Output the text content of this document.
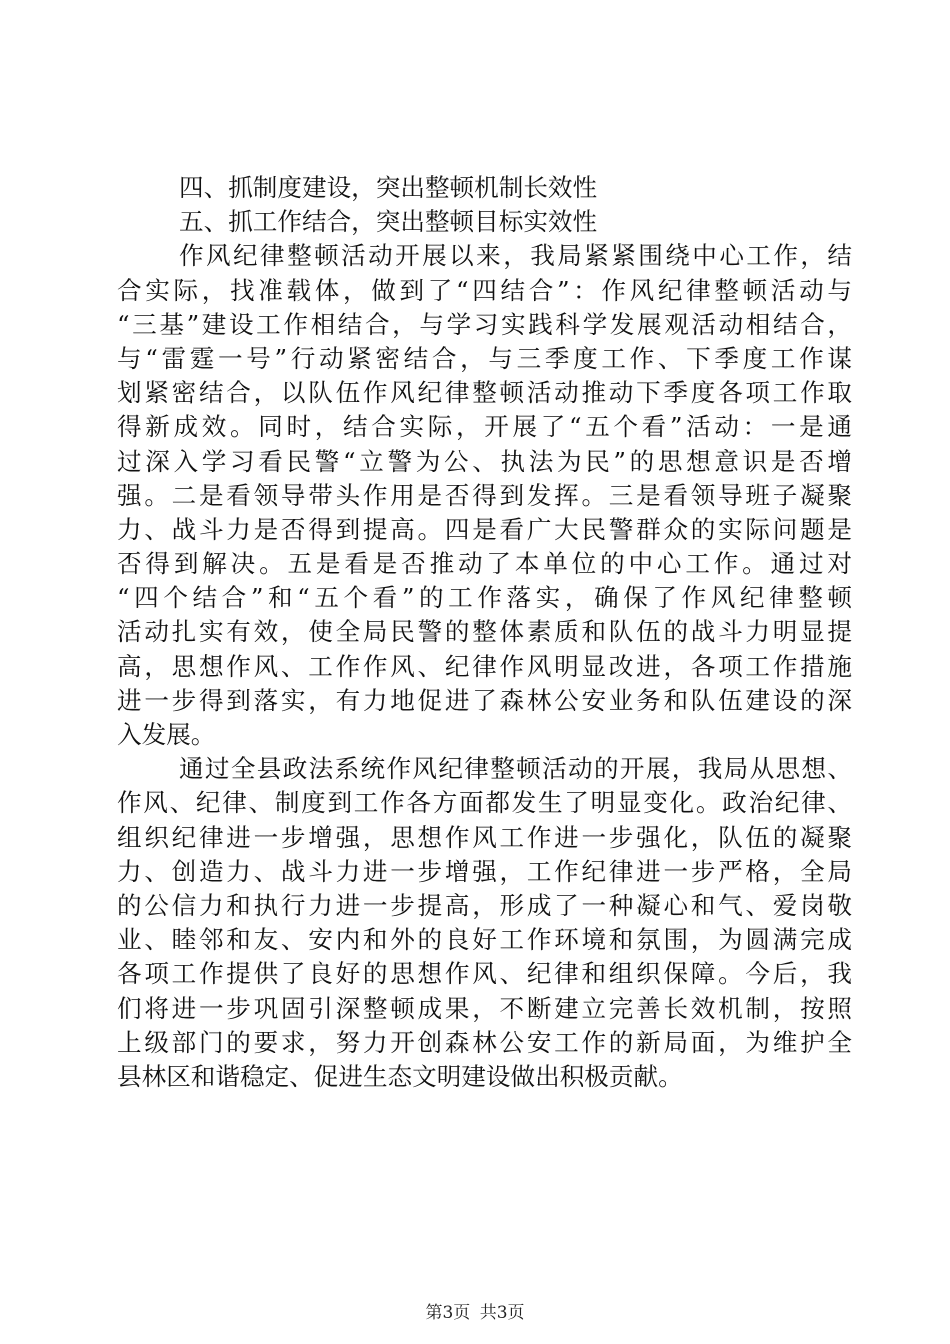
四、抓制度建设，突出整顿机制长效性
五、抓工作结合，突出整顿目标实效性
作风纪律整顿活动开展以来，我局紧紧围绕中心工作，结
合实际，找准载体，做到了“四结合”：作风纪律整顿活动与
“三基”建设工作相结合，与学习实践科学发展观活动相结合，
与“雷霆一号”行动紧密结合，与三季度工作、下季度工作谋
划紧密结合，以队伍作风纪律整顿活动推动下季度各项工作取
得新成效。同时，结合实际，开展了“五个看”活动：一是通
过深入学习看民警“立警为公、执法为民”的思想意识是否增
强。二是看领导带头作用是否得到发挥。三是看领导班子凝聚
力、战斗力是否得到提高。四是看广大民警群众的实际问题是
否得到解决。五是看是否推动了本单位的中心工作。通过对
“四个结合”和“五个看”的工作落实，确保了作风纪律整顿
活动扎实有效，使全局民警的整体素质和队伍的战斗力明显提
高，思想作风、工作作风、纪律作风明显改进，各项工作措施
进一步得到落实，有力地促进了森林公安业务和队伍建设的深
入发展。
通过全县政法系统作风纪律整顿活动的开展，我局从思想、
作风、纪律、制度到工作各方面都发生了明显变化。政治纪律、
组织纪律进一步增强，思想作风工作进一步强化，队伍的凝聚
力、创造力、战斗力进一步增强，工作纪律进一步严格，全局
的公信力和执行力进一步提高，形成了一种凝心和气、爱岗敬
业、睦邻和友、安内和外的良好工作环境和氛围，为圆满完成
各项工作提供了良好的思想作风、纪律和组织保障。今后，我
们将进一步巩固引深整顿成果，不断建立完善长效机制，按照
上级部门的要求，努力开创森林公安工作的新局面，为维护全
县林区和谐稳定、促进生态文明建设做出积极贡献。
第3页 共3页
